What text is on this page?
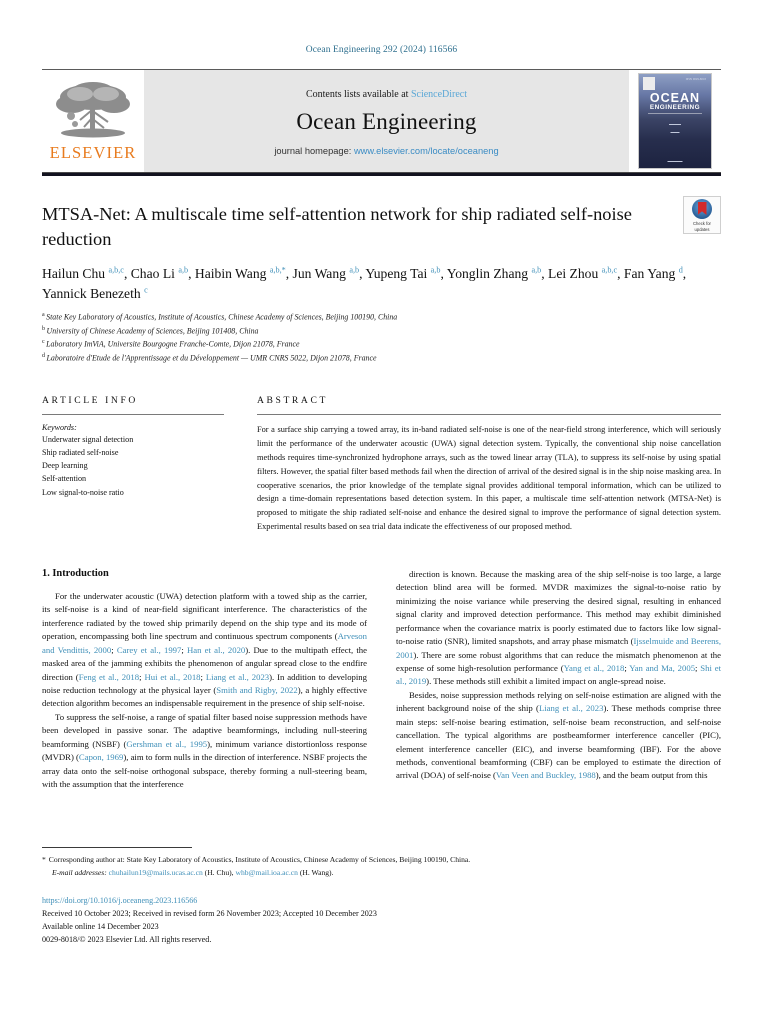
Ocean Engineering 292 (2024) 116566
ELSEVIER
Contents lists available at ScienceDirect
Ocean Engineering
journal homepage: www.elsevier.com/locate/oceaneng
ISSN 0029-8018
OCEAN
ENGINEERING
▬▬▬▬
▬▬▬
▬▬▬▬▬
Check for
updates
MTSA-Net: A multiscale time self-attention network for ship radiated self-noise reduction
Hailun Chu $^{a,b,c}$, Chao Li $^{a,b}$, Haibin Wang $^{a,b,*}$, Jun Wang $^{a,b}$, Yupeng Tai $^{a,b}$, Yonglin Zhang $^{a,b}$, Lei Zhou $^{a,b,c}$, Fan Yang $^d$, Yannick Benezeth $^c$
$^a$ State Key Laboratory of Acoustics, Institute of Acoustics, Chinese Academy of Sciences, Beijing 100190, China
$^b$ University of Chinese Academy of Sciences, Beijing 101408, China
$^c$ Laboratory ImViA, Universite Bourgogne Franche-Comte, Dijon 21078, France
$^d$ Laboratoire d'Etude de l'Apprentissage et du Développement — UMR CNRS 5022, Dijon 21078, France
ARTICLE INFO
Keywords:
Underwater signal detection
Ship radiated self-noise
Deep learning
Self-attention
Low signal-to-noise ratio
ABSTRACT
For a surface ship carrying a towed array, its in-band radiated self-noise is one of the near-field strong interference, which will seriously limit the performance of the underwater acoustic (UWA) signal detection system. Typically, the conventional ship noise cancellation methods requires time-synchronized hydrophone arrays, such as the towed linear array (TLA), to suppress its self-noise by using spatial filters. However, the spatial filter based methods fail when the direction of arrival of the desired signal is in the ship noise masking area. In cooperative scenarios, the prior knowledge of the template signal provides additional temporal information, which can be utilized to design a time-domain representations based detection system. In this paper, a multiscale time self-attention network (MTSA-Net) is proposed to mitigate the ship radiated self-noise and enhance the desired signal to improve the performance of signal detection system. Experimental results based on sea trial data indicate the effectiveness of our proposed method.
1. Introduction

For the underwater acoustic (UWA) detection platform with a towed ship as the carrier, its self-noise is a kind of near-field significant interference. The characteristics of the interference radiated by the towed ship primarily depend on the ship type and its mode of operation, encompassing both line spectrum and continuous spectrum components (Arveson and Vendittis, 2000; Carey et al., 1997; Han et al., 2020). Due to the multipath effect, the masked area of the jamming exhibits the phenomenon of angular spread close to the endfire direction (Feng et al., 2018; Hui et al., 2018; Liang et al., 2023). In addition to developing noise reduction technology at the physical layer (Smith and Rigby, 2022), a highly effective detection algorithm becomes an indispensable requirement in the presence of ship self-noise.

To suppress the self-noise, a range of spatial filter based noise suppression methods have been developed in passive sonar. The adaptive beamformings, including null-steering beamforming (NSBF) (Gershman et al., 1995), minimum variance distortionloss response (MVDR) (Capon, 1969), aim to form nulls in the direction of interference. NSBF projects the array data onto the self-noise orthogonal subspace, thereby forming a null-steering beam, with the assumption that the interference

direction is known. Because the masking area of the ship self-noise is too large, a large detection blind area will be formed. MVDR maximizes the signal-to-noise ratio by minimizing the noise variance while preserving the desired signal, resulting in enhanced signal clarity and improved detection performance. This method may exhibit diminished performance when the covariance matrix is poorly estimated due to factors like low signal-to-noise ratio (SNR), limited snapshots, and array phase mismatch (Ijsselmuide and Beerens, 2001). There are some robust algorithms that can reduce the mismatch phenomenon at the expense of some high-resolution performance (Yang et al., 2018; Yan and Ma, 2005; Shi et al., 2019). These methods still exhibit a limited impact on angle-spread noise.

Besides, noise suppression methods relying on self-noise estimation are aligned with the inherent background noise of the ship (Liang et al., 2023). These methods comprise three main steps: self-noise bearing estimation, self-noise beam reconstruction, and self-noise cancellation. The typical algorithms are postbeamformer interference canceller (PIC), element interference canceller (EIC), and inverse beamforming (IBF). For the above methods, conventional beamforming (CBF) can be employed to estimate the direction of arrival (DOA) of self-noise (Van Veen and Buckley, 1988), and the beam output from this

* Corresponding author at: State Key Laboratory of Acoustics, Institute of Acoustics, Chinese Academy of Sciences, Beijing 100190, China.
E-mail addresses: chuhailun19@mails.ucas.ac.cn (H. Chu), whb@mail.ioa.ac.cn (H. Wang).
https://doi.org/10.1016/j.oceaneng.2023.116566
Received 10 October 2023; Received in revised form 26 November 2023; Accepted 10 December 2023
Available online 14 December 2023
0029-8018/© 2023 Elsevier Ltd. All rights reserved.
